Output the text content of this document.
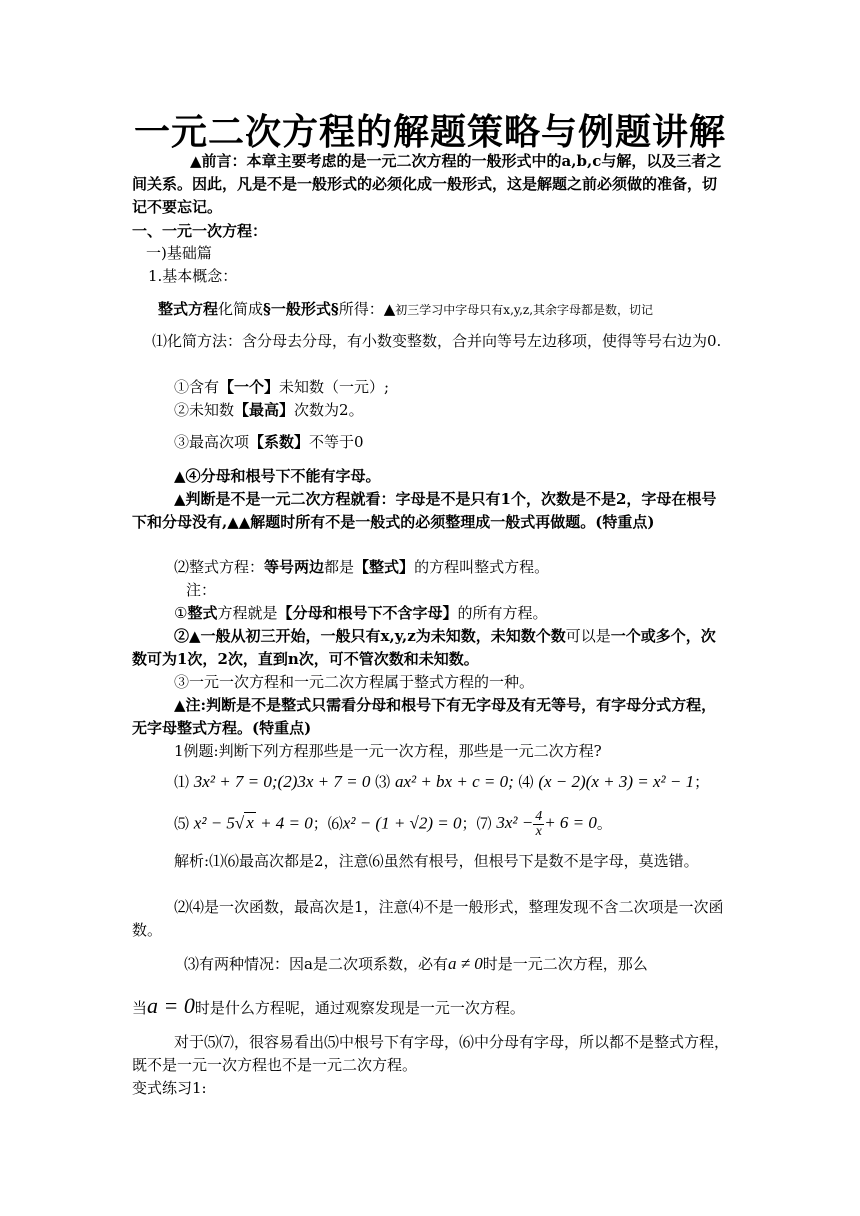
一元二次方程的解题策略与例题讲解
▲前言：本章主要考虑的是一元二次方程的一般形式中的a,b,c与解，以及三者之间关系。因此，凡是不是一般形式的必须化成一般形式，这是解题之前必须做的准备，切记不要忘记。
一、一元一次方程：
一)基础篇
1.基本概念：
整式方程化简成§一般形式§所得：▲初三学习中字母只有x,y,z,其余字母都是数，切记
⑴化简方法：含分母去分母，有小数变整数，合并向等号左边移项，使得等号右边为0.
①含有【一个】未知数（一元）;
②未知数【最高】次数为2。
③最高次项【系数】不等于0
▲④分母和根号下不能有字母。
▲判断是不是一元二次方程就看：字母是不是只有1个，次数是不是2，字母在根号下和分母没有,▲▲解题时所有不是一般式的必须整理成一般式再做题。(特重点)
⑵整式方程：等号两边都是【整式】的方程叫整式方程。
注：
①整式方程就是【分母和根号下不含字母】的所有方程。
②▲一般从初三开始，一般只有x,y,z为未知数，未知数个数可以是一个或多个，次数可为1次，2次，直到n次，可不管次数和未知数。
③一元一次方程和一元二次方程属于整式方程的一种。
▲注:判断是不是整式只需看分母和根号下有无字母及有无等号，有字母分式方程，无字母整式方程。(特重点)
1例题:判断下列方程那些是一元一次方程，那些是一元二次方程?
⑴ 3x² + 7 = 0;(2)3x + 7 = 0 ⑶ ax² + bx + c = 0; ⑷ (x − 2)(x + 3) = x² − 1；
⑸ x² − 5√ x + 4 = 0；⑹x² − (1 + √2) = 0；⑺ $3x^2 - \frac{4}{x} + 6 = 0$。
解析:⑴⑹最高次都是2，注意⑹虽然有根号，但根号下是数不是字母，莫选错。
⑵⑷是一次函数，最高次是1，注意⑷不是一般形式，整理发现不含二次项是一次函数。
⑶有两种情况：因a是二次项系数，必有a ≠ 0时是一元二次方程，那么
当a = 0时是什么方程呢，通过观察发现是一元一次方程。
对于⑸⑺，很容易看出⑸中根号下有字母，⑹中分母有字母，所以都不是整式方程，既不是一元一次方程也不是一元二次方程。
变式练习1:
